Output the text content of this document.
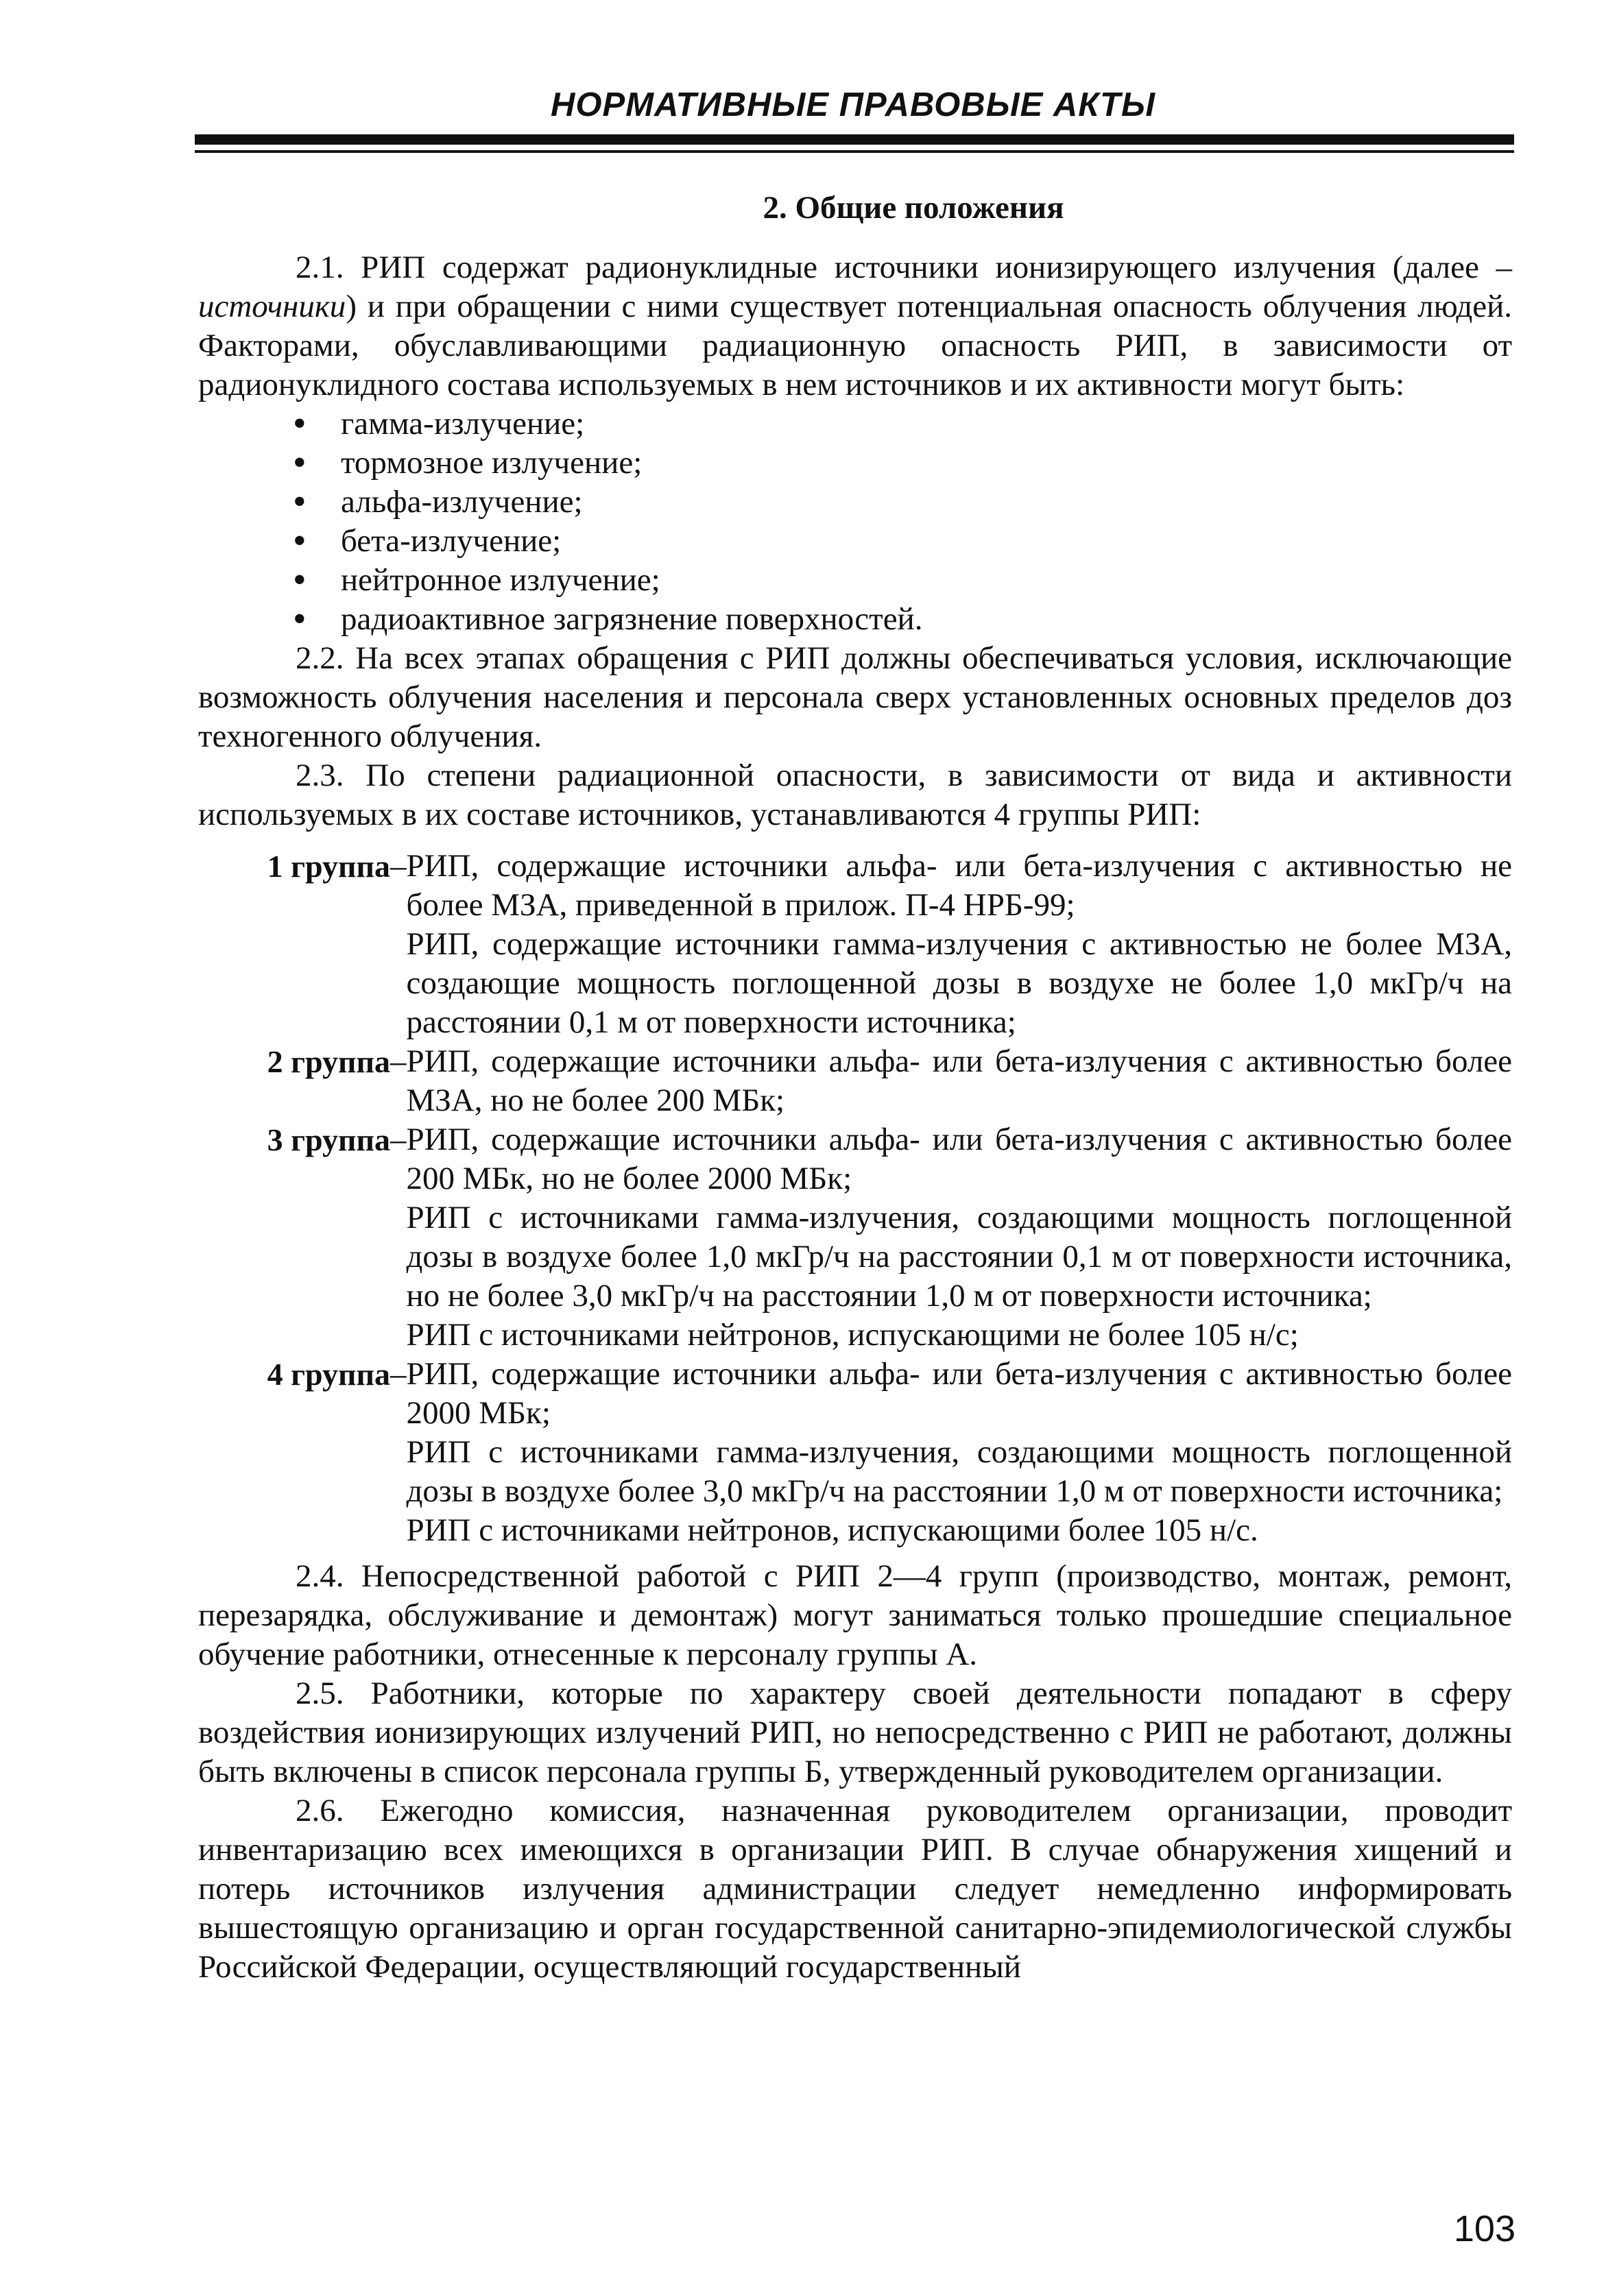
НОРМАТИВНЫЕ ПРАВОВЫЕ АКТЫ
2. Общие положения

2.1. РИП содержат радионуклидные источники ионизирующего излучения (далее – источники) и при обращении с ними существует потенциальная опасность облучения людей. Факторами, обуславливающими радиационную опасность РИП, в зависимости от радионуклидного состава используемых в нем источников и их активности могут быть:

• гамма-излучение;
• тормозное излучение;
• альфа-излучение;
• бета-излучение;
• нейтронное излучение;
• радиоактивное загрязнение поверхностей.

2.2. На всех этапах обращения с РИП должны обеспечиваться условия, исключающие возможность облучения населения и персонала сверх установленных основных пределов доз техногенного облучения.

2.3. По степени радиационной опасности, в зависимости от вида и активности используемых в их составе источников, устанавливаются 4 группы РИП:

1 группа – РИП, содержащие источники альфа- или бета-излучения с активностью не более МЗА, приведенной в прилож. П-4 НРБ-99;

РИП, содержащие источники гамма-излучения с активностью не более МЗА, создающие мощность поглощенной дозы в воздухе не более 1,0 мкГр/ч на расстоянии 0,1 м от поверхности источника;

2 группа – РИП, содержащие источники альфа- или бета-излучения с активностью более МЗА, но не более 200 МБк;

3 группа – РИП, содержащие источники альфа- или бета-излучения с активностью более 200 МБк, но не более 2000 МБк;

РИП с источниками гамма-излучения, создающими мощность поглощенной дозы в воздухе более 1,0 мкГр/ч на расстоянии 0,1 м от поверхности источника, но не более 3,0 мкГр/ч на расстоянии 1,0 м от поверхности источника;

РИП с источниками нейтронов, испускающими не более 105 н/с;

4 группа – РИП, содержащие источники альфа- или бета-излучения с активностью более 2000 МБк;

РИП с источниками гамма-излучения, создающими мощность поглощенной дозы в воздухе более 3,0 мкГр/ч на расстоянии 1,0 м от поверхности источника;

РИП с источниками нейтронов, испускающими более 105 н/с.

2.4. Непосредственной работой с РИП 2—4 групп (производство, монтаж, ремонт, перезарядка, обслуживание и демонтаж) могут заниматься только прошедшие специальное обучение работники, отнесенные к персоналу группы А.

2.5. Работники, которые по характеру своей деятельности попадают в сферу воздействия ионизирующих излучений РИП, но непосредственно с РИП не работают, должны быть включены в список персонала группы Б, утвержденный руководителем организации.

2.6. Ежегодно комиссия, назначенная руководителем организации, проводит инвентаризацию всех имеющихся в организации РИП. В случае обнаружения хищений и потерь источников излучения администрации следует немедленно информировать вышестоящую организацию и орган государственной санитарно-эпидемиологической службы Российской Федерации, осуществляющий государственный

103
